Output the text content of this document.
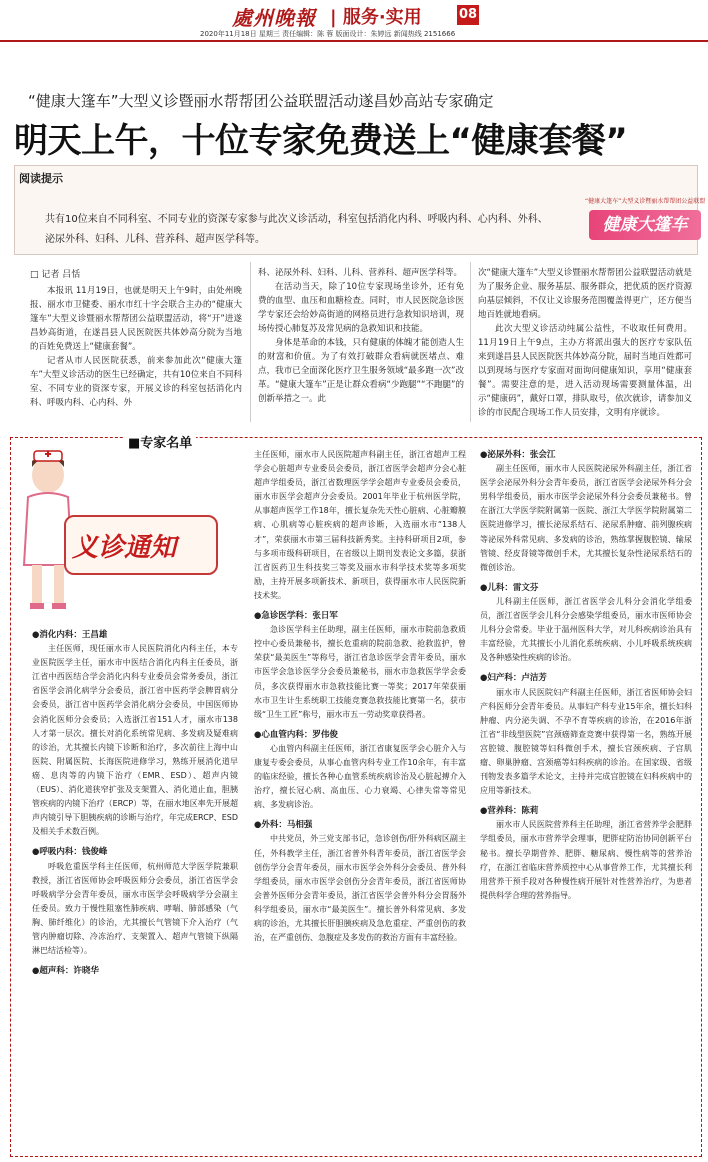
處州晚報 | 服务·实用	08
2020年11月18日 星期三 责任编辑：陈 蓉 版面设计：朱婷远 新闻热线 2151666
“健康大篷车”大型义诊暨丽水帮帮团公益联盟活动遂昌妙高站专家确定
明天上午，十位专家免费送上“健康套餐”
阅读提示
共有10位来自不同科室、不同专业的资深专家参与此次义诊活动，科室包括消化内科、呼吸内科、心内科、外科、泌尿外科、妇科、儿科、营养科、超声医学科等。
“健康大篷车”大型义诊暨丽水帮帮团公益联盟
健康大篷车
□ 记者 吕恬

本报讯 11月19日，也就是明天上午9时，由处州晚报、丽水市卫健委、丽水市红十字会联合主办的“健康大篷车”大型义诊暨丽水帮帮团公益联盟活动，将“开”进遂昌妙高街道，在遂昌县人民医院医共体妙高分院为当地的百姓免费送上“健康套餐”。

记者从市人民医院获悉，前来参加此次“健康大篷车”大型义诊活动的医生已经确定，共有10位来自不同科室、不同专业的资深专家，开展义诊的科室包括消化内科、呼吸内科、心内科、外

科、泌尿外科、妇科、儿科、营养科、超声医学科等。

在活动当天，除了10位专家现场坐诊外，还有免费的血型、血压和血糖检查。同时，市人民医院急诊医学专家还会给妙高街道的网格员进行急救知识培训，现场传授心肺复苏及常见病的急救知识和技能。

身体是革命的本钱，只有健康的体魄才能创造人生的财富和价值。为了有效打破群众看病就医堵点、难点，我市已全面深化医疗卫生服务领域“最多跑一次”改革。“健康大篷车”正是让群众看病“少跑腿”“不跑腿”的创新举措之一。此

次“健康大篷车”大型义诊暨丽水帮帮团公益联盟活动就是为了服务企业、服务基层、服务群众，把优质的医疗资源向基层倾斜，不仅让义诊服务范围覆盖得更广，还方便当地百姓就地看病。

此次大型义诊活动纯属公益性，不收取任何费用。11月19日上午9点，主办方将派出强大的医疗专家队伍来到遂昌县人民医院医共体妙高分院，届时当地百姓都可以到现场与医疗专家面对面询问健康知识，享用“健康套餐”。需要注意的是，进入活动现场需要测量体温，出示“健康码”，戴好口罩，排队取号，依次就诊，请参加义诊的市民配合现场工作人员安排，文明有序就诊。

■专家名单
义诊通知
●消化内科：王昌雄
主任医师，现任丽水市人民医院消化内科主任，本专业医院医学主任，丽水市中医结合消化内科主任委员，浙江省中西医结合学会消化内科专业委员会常务委员，浙江省医学会消化病学分会委员，浙江省中医药学会脾胃病分会委员，浙江省中医药学会消化病分会委员，中国医师协会消化医师分会委员；入选浙江省151人才，丽水市138人才第一层次。擅长对消化系统常见病、多发病及疑难病的诊治，尤其擅长内镜下诊断和治疗，多次前往上海中山医院、附属医院、长海医院进修学习，熟练开展消化道早癌、息肉等的内镜下治疗（EMR、ESD）、超声内镜（EUS）、消化道狭窄扩张及支架置入、消化道止血，胆胰管疾病的内镜下治疗（ERCP）等，在丽水地区率先开展超声内镜引导下胆胰疾病的诊断与治疗，年完成ERCP、ESD及相关手术数百例。
●呼吸内科：钱俊峰
呼吸危重医学科主任医师，杭州师范大学医学院兼职教授，浙江省医师协会呼吸医师分会委员，浙江省医学会呼吸病学分会青年委员，丽水市医学会呼吸病学分会副主任委员。致力于慢性阻塞性肺疾病、哮喘、肺部感染（气胸、肺纤维化）的诊治，尤其擅长气管镜下介入治疗（气管内肿瘤切除、冷冻治疗、支架置入、超声气管镜下纵隔淋巴结活检等）。
●超声科：许晓华
主任医师，丽水市人民医院超声科副主任，浙江省超声工程学会心脏超声专业委员会委员，浙江省医学会超声分会心脏超声学组委员，浙江省数理医学学会超声专业委员会委员，丽水市医学会超声分会委员。2001年毕业于杭州医学院，从事超声医学工作18年，擅长复杂先天性心脏病、心脏瓣膜病、心肌病等心脏疾病的超声诊断，入选丽水市“138人才”，荣获丽水市第三届科技新秀奖。主持科研项目2项，参与多项市级科研项目，在省级以上期刊发表论文多篇，获浙江省医药卫生科技奖三等奖及丽水市科学技术奖等多项奖励，主持开展多项新技术、新项目，获得丽水市人民医院新技术奖。
●急诊医学科：张日军
急诊医学科主任助理，副主任医师，丽水市院前急救质控中心委员兼秘书，擅长危重病的院前急救、抢救监护，曾荣获“最美医生”等称号，浙江省急诊医学会青年委员，丽水市医学会急诊医学分会委员兼秘书，丽水市急救医学学会委员，多次获得丽水市急救技能比赛一等奖；2017年荣获丽水市卫生计生系统职工技能竞赛急救技能比赛第一名，获市级“卫生工匠”称号，丽水市五一劳动奖章获得者。
●心血管内科：罗伟俊
心血管内科副主任医师，浙江省康复医学会心脏介入与康复专委会委员，从事心血管内科专业工作10余年，有丰富的临床经验，擅长各种心血管系统疾病诊治及心脏起搏介入治疗，擅长冠心病、高血压、心力衰竭、心律失常等常见病、多发病诊治。
●外科：马相强
中共党员，外三党支部书记，急诊创伤/肝外科病区副主任，外科教学主任，浙江省普外科青年委员，浙江省医学会创伤学分会青年委员，丽水市医学会外科分会委员、普外科学组委员，丽水市医学会创伤分会青年委员，浙江省医师协会普外医师分会青年委员，浙江省医学会普外科分会胃肠外科学组委员，丽水市“最美医生”。擅长普外科常见病、多发病的诊治，尤其擅长肝胆胰疾病及急危重症、严重创伤的救治，在严重创伤、急腹症及多发伤的救治方面有丰富经验。
●泌尿外科：张会江
副主任医师，丽水市人民医院泌尿外科副主任，浙江省医学会泌尿外科分会青年委员，浙江省医学会泌尿外科分会男科学组委员，丽水市医学会泌尿外科分会委员兼秘书。曾在浙江大学医学院附属第一医院、浙江大学医学院附属第二医院进修学习，擅长泌尿系结石、泌尿系肿瘤、前列腺疾病等泌尿外科常见病、多发病的诊治，熟练掌握腹腔镜、输尿管镜、经皮肾镜等微创手术，尤其擅长复杂性泌尿系结石的微创诊治。
●儿科：雷文芬
儿科副主任医师，浙江省医学会儿科分会消化学组委员，浙江省医学会儿科分会感染学组委员，丽水市医师协会儿科分会常委。毕业于温州医科大学，对儿科疾病诊治具有丰富经验，尤其擅长小儿消化系统疾病、小儿呼吸系统疾病及各种感染性疾病的诊治。
●妇产科：卢洁芳
丽水市人民医院妇产科副主任医师，浙江省医师协会妇产科医师分会青年委员。从事妇产科专业15年余，擅长妇科肿瘤、内分泌失调、不孕不育等疾病的诊治，在2016年浙江省“非线型医院”宫颈癌筛查竞赛中获得第一名，熟练开展宫腔镜、腹腔镜等妇科微创手术，擅长宫颈疾病、子宫肌瘤、卵巢肿瘤、宫颈癌等妇科疾病的诊治。在国家级、省级刊物发表多篇学术论文，主持并完成宫腔镜在妇科疾病中的应用等新技术。
●营养科：陈莉
丽水市人民医院营养科主任助理，浙江省营养学会肥胖学组委员，丽水市营养学会理事，肥胖症防治协同创新平台秘书。擅长孕期营养、肥胖、糖尿病、慢性病等的营养治疗，在浙江省临床营养质控中心从事营养工作，尤其擅长利用营养干预手段对各种慢性病开展针对性营养治疗，为患者提供科学合理的营养指导。
